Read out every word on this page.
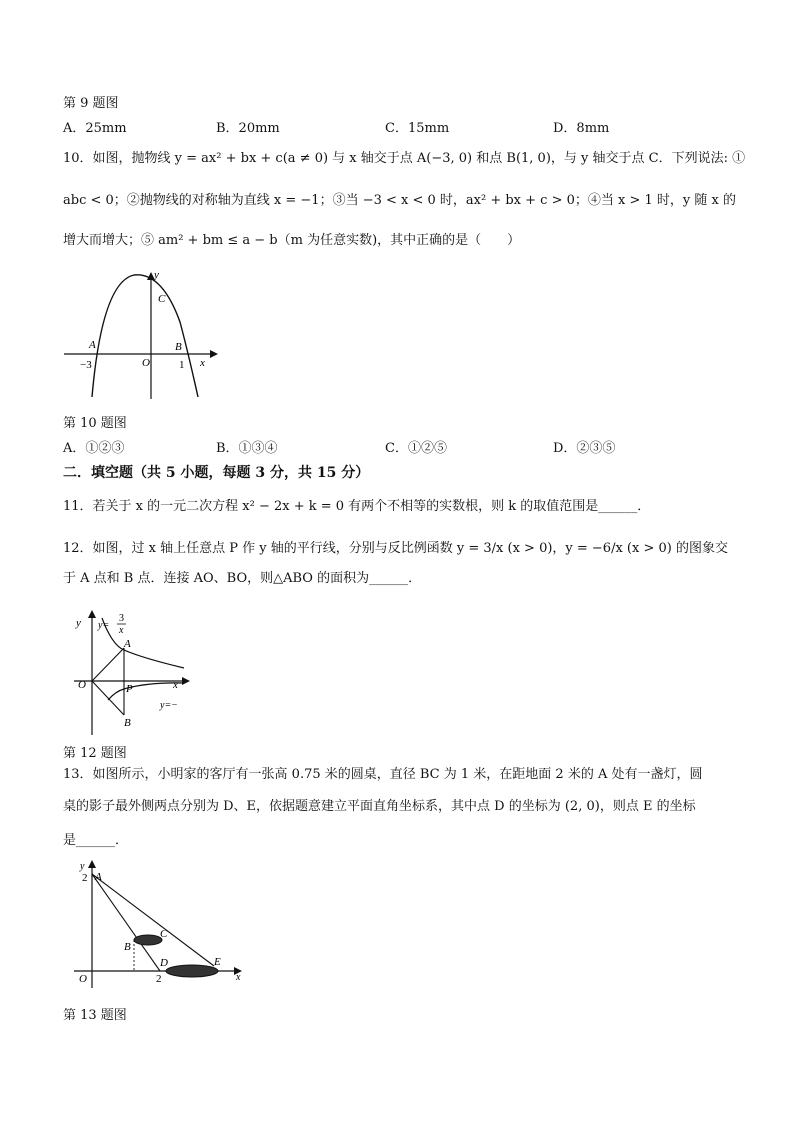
第 9 题图
A．25mm	B．20mm	C．15mm	D．8mm
10．如图，抛物线 y = ax² + bx + c(a ≠ 0) 与 x 轴交于点 A(−3, 0) 和点 B(1, 0)，与 y 轴交于点 C．下列说法: ①
abc < 0；②抛物线的对称轴为直线 x = −1；③当 −3 < x < 0 时，ax² + bx + c > 0；④当 x > 1 时，y 随 x 的
增大而增大；⑤ am² + bm ≤ a − b（m 为任意实数)，其中正确的是（　　）
y
x
A	B
C
O
−3	1
第 10 题图
A．①②③	B．①③④	C．①②⑤	D．②③⑤
二．填空题（共 5 小题，每题 3 分，共 15 分）
11．若关于 x 的一元二次方程 x² − 2x + k = 0 有两个不相等的实数根，则 k 的取值范围是______．
12．如图，过 x 轴上任意点 P 作 y 轴的平行线，分别与反比例函数 y = 3/x (x > 0)，y = −6/x (x > 0) 的图象交
于 A 点和 B 点．连接 AO、BO，则△ABO 的面积为______．
y=
3
x
y
x
A
B
O	P
y=−
第 12 题图
13．如图所示，小明家的客厅有一张高 0.75 米的圆桌，直径 BC 为 1 米，在距地面 2 米的 A 处有一盏灯，圆
桌的影子最外侧两点分别为 D、E，依据题意建立平面直角坐标系，其中点 D 的坐标为 (2, 0)，则点 E 的坐标
是______．
y
x
A
B
C
D	E
O
2
2
第 13 题图
